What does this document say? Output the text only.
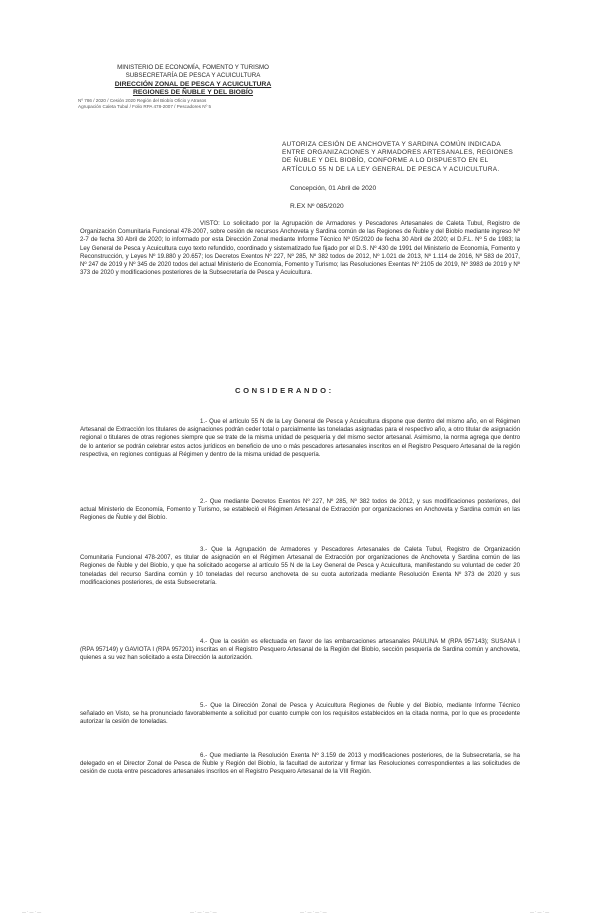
MINISTERIO DE ECONOMÍA, FOMENTO Y TURISMO
SUBSECRETARÍA DE PESCA Y ACUICULTURA
DIRECCIÓN ZONAL DE PESCA Y ACUICULTURA
REGIONES DE ÑUBLE Y DEL BIOBÍO
Nº 786 / 2020 / Cesión 2020 Región del Biobío Oficio y Atrasos
Agrupación Caleta Tubul / Folio RPA 478-2007 / Pescadores Nº 5
AUTORIZA CESIÓN DE ANCHOVETA Y SARDINA COMÚN INDICADA ENTRE ORGANIZACIONES Y ARMADORES ARTESANALES, REGIONES DE ÑUBLE Y DEL BIOBÍO, CONFORME A LO DISPUESTO EN EL ARTÍCULO 55 N DE LA LEY GENERAL DE PESCA Y ACUICULTURA.
Concepción, 01 Abril de 2020
R.EX Nº 085/2020
VISTO: Lo solicitado por la Agrupación de Armadores y Pescadores Artesanales de Caleta Tubul, Registro de Organización Comunitaria Funcional 478-2007, sobre cesión de recursos Anchoveta y Sardina común de las Regiones de Ñuble y del Biobío mediante ingreso Nº 2-7 de fecha 30 Abril de 2020; lo informado por esta Dirección Zonal mediante Informe Técnico Nº 05/2020 de fecha 30 Abril de 2020; el D.F.L. Nº 5 de 1983; la Ley General de Pesca y Acuicultura cuyo texto refundido, coordinado y sistematizado fue fijado por el D.S. Nº 430 de 1991 del Ministerio de Economía, Fomento y Reconstrucción, y Leyes Nº 19.880 y 20.657; los Decretos Exentos Nº 227, Nº 285, Nº 382 todos de 2012, Nº 1.021 de 2013, Nº 1.114 de 2016, Nº 583 de 2017, Nº 247 de 2019 y Nº 345 de 2020 todos del actual Ministerio de Economía, Fomento y Turismo; las Resoluciones Exentas Nº 2105 de 2019, Nº 3983 de 2019 y Nº 373 de 2020 y modificaciones posteriores de la Subsecretaría de Pesca y Acuicultura.
CONSIDERANDO:
1.- Que el artículo 55 N de la Ley General de Pesca y Acuicultura dispone que dentro del mismo año, en el Régimen Artesanal de Extracción los titulares de asignaciones podrán ceder total o parcialmente las toneladas asignadas para el respectivo año, a otro titular de asignación regional o titulares de otras regiones siempre que se trate de la misma unidad de pesquería y del mismo sector artesanal. Asimismo, la norma agrega que dentro de lo anterior se podrán celebrar estos actos jurídicos en beneficio de uno o más pescadores artesanales inscritos en el Registro Pesquero Artesanal de la región respectiva, en regiones contiguas al Régimen y dentro de la misma unidad de pesquería.
2.- Que mediante Decretos Exentos Nº 227, Nº 285, Nº 382 todos de 2012, y sus modificaciones posteriores, del actual Ministerio de Economía, Fomento y Turismo, se estableció el Régimen Artesanal de Extracción por organizaciones en Anchoveta y Sardina común en las Regiones de Ñuble y del Biobío.
3.- Que la Agrupación de Armadores y Pescadores Artesanales de Caleta Tubul, Registro de Organización Comunitaria Funcional 478-2007, es titular de asignación en el Régimen Artesanal de Extracción por organizaciones de Anchoveta y Sardina común de las Regiones de Ñuble y del Biobío, y que ha solicitado acogerse al artículo 55 N de la Ley General de Pesca y Acuicultura, manifestando su voluntad de ceder 20 toneladas del recurso Sardina común y 10 toneladas del recurso anchoveta de su cuota autorizada mediante Resolución Exenta Nº 373 de 2020 y sus modificaciones posteriores, de esta Subsecretaría.
4.- Que la cesión es efectuada en favor de las embarcaciones artesanales PAULINA M (RPA 957143); SUSANA I (RPA 957149) y GAVIOTA I (RPA 957201) inscritas en el Registro Pesquero Artesanal de la Región del Biobío, sección pesquería de Sardina común y anchoveta, quienes a su vez han solicitado a esta Dirección la autorización.
5.- Que la Dirección Zonal de Pesca y Acuicultura Regiones de Ñuble y del Biobío, mediante Informe Técnico señalado en Visto, se ha pronunciado favorablemente a solicitud por cuanto cumple con los requisitos establecidos en la citada norma, por lo que es procedente autorizar la cesión de toneladas.
6.- Que mediante la Resolución Exenta Nº 3.159 de 2013 y modificaciones posteriores, de la Subsecretaría, se ha delegado en el Director Zonal de Pesca de Ñuble y Región del Biobío, la facultad de autorizar y firmar las Resoluciones correspondientes a las solicitudes de cesión de cuota entre pescadores artesanales inscritos en el Registro Pesquero Artesanal de la VIII Región.
— · — · —	— · — · — · —	— · — · — · —	— · — · —
